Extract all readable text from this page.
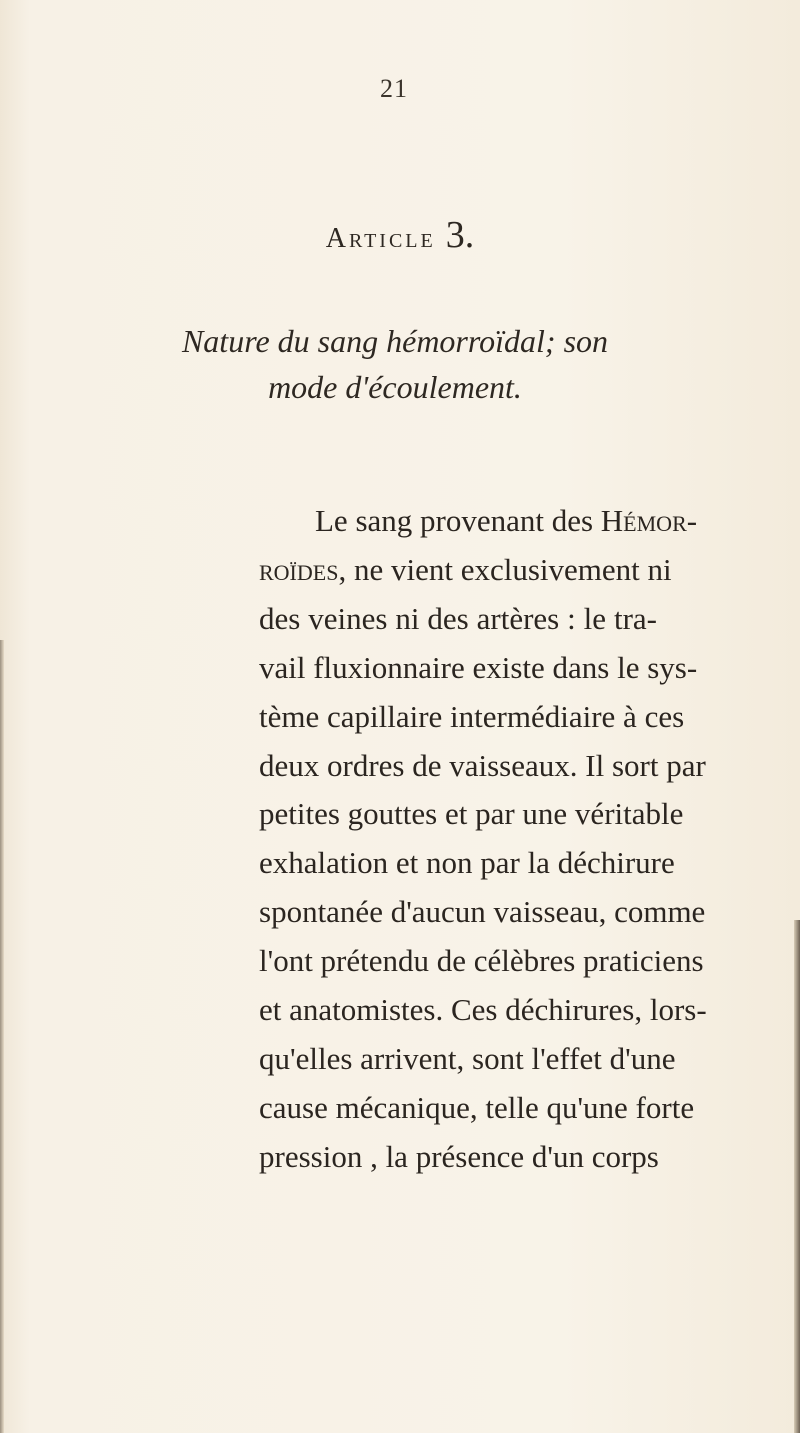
21
Article 3.
Nature du sang hémorroïdal; son
mode d'écoulement.
Le sang provenant des Hémor-
roïdes, ne vient exclusivement ni
des veines ni des artères : le tra-
vail fluxionnaire existe dans le sys-
tème capillaire intermédiaire à ces
deux ordres de vaisseaux. Il sort par
petites gouttes et par une véritable
exhalation et non par la déchirure
spontanée d'aucun vaisseau, comme
l'ont prétendu de célèbres praticiens
et anatomistes. Ces déchirures, lors-
qu'elles arrivent, sont l'effet d'une
cause mécanique, telle qu'une forte
pression , la présence d'un corps
